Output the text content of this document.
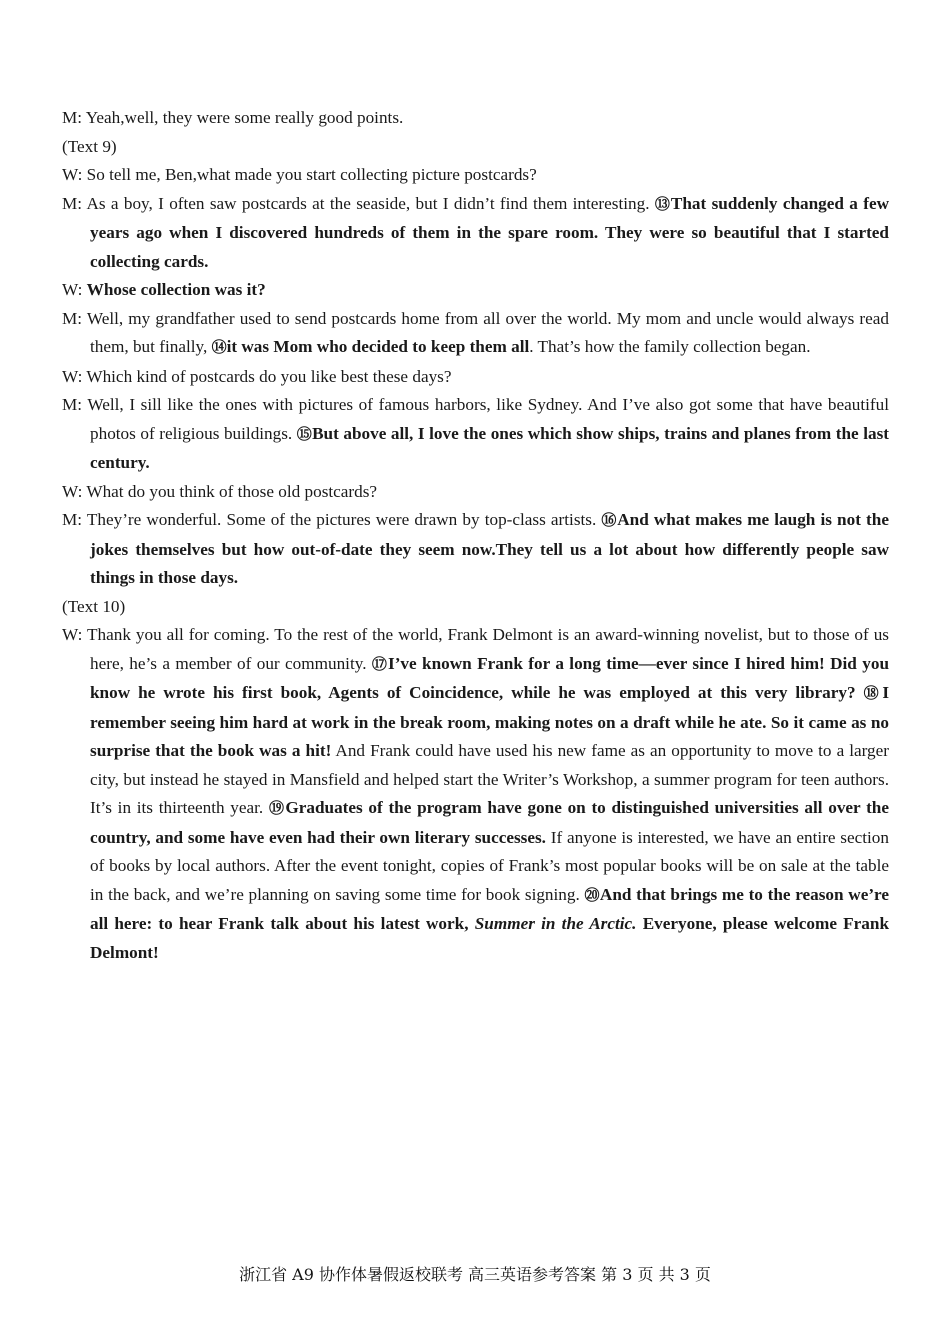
M: Yeah,well, they were some really good points.

(Text 9)

W: So tell me, Ben,what made you start collecting picture postcards?

M: As a boy, I often saw postcards at the seaside, but I didn’t find them interesting. ⑬That suddenly changed a few years ago when I discovered hundreds of them in the spare room. They were so beautiful that I started collecting cards.

W: Whose collection was it?

M: Well, my grandfather used to send postcards home from all over the world. My mom and uncle would always read them, but finally, ⑭it was Mom who decided to keep them all. That’s how the family collection began.

W: Which kind of postcards do you like best these days?

M: Well, I sill like the ones with pictures of famous harbors, like Sydney. And I’ve also got some that have beautiful photos of religious buildings. ⑮But above all, I love the ones which show ships, trains and planes from the last century.

W: What do you think of those old postcards?

M: They’re wonderful. Some of the pictures were drawn by top-class artists. ⑯And what makes me laugh is not the jokes themselves but how out-of-date they seem now.They tell us a lot about how differently people saw things in those days.

(Text 10)

W: Thank you all for coming. To the rest of the world, Frank Delmont is an award-winning novelist, but to those of us here, he’s a member of our community. ⑰I’ve known Frank for a long time—ever since I hired him! Did you know he wrote his first book, Agents of Coincidence, while he was employed at this very library? ⑱I remember seeing him hard at work in the break room, making notes on a draft while he ate. So it came as no surprise that the book was a hit! And Frank could have used his new fame as an opportunity to move to a larger city, but instead he stayed in Mansfield and helped start the Writer’s Workshop, a summer program for teen authors. It’s in its thirteenth year. ⑲Graduates of the program have gone on to distinguished universities all over the country, and some have even had their own literary successes. If anyone is interested, we have an entire section of books by local authors. After the event tonight, copies of Frank’s most popular books will be on sale at the table in the back, and we’re planning on saving some time for book signing. ⑳And that brings me to the reason we’re all here: to hear Frank talk about his latest work, Summer in the Arctic. Everyone, please welcome Frank Delmont!

浙江省 A9 协作体暑假返校联考 高三英语参考答案 第 3 页 共 3 页
